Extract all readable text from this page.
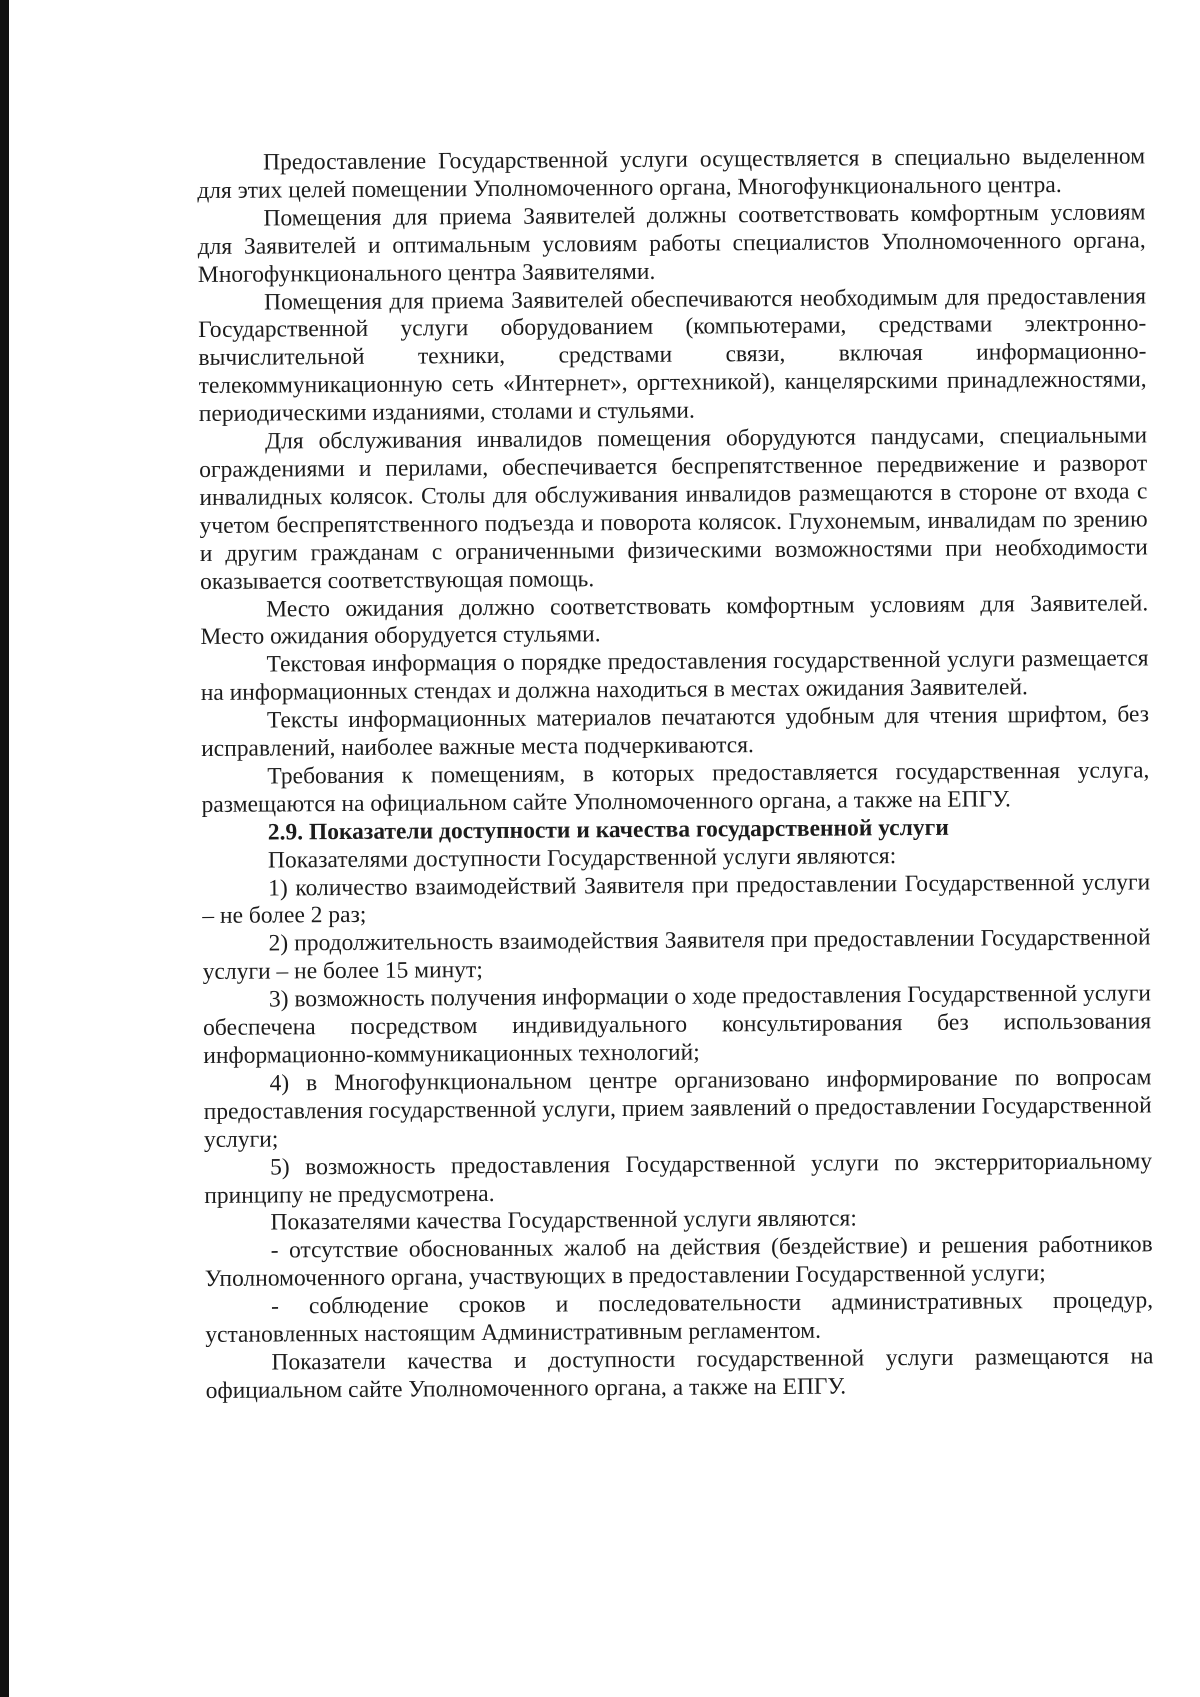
Предоставление Государственной услуги осуществляется в специально выделенном для этих целей помещении Уполномоченного органа, Многофункционального центра.

Помещения для приема Заявителей должны соответствовать комфортным условиям для Заявителей и оптимальным условиям работы специалистов Уполномоченного органа, Многофункционального центра Заявителями.

Помещения для приема Заявителей обеспечиваются необходимым для предоставления Государственной услуги оборудованием (компьютерами, средствами электронно-вычислительной техники, средствами связи, включая информационно-телекоммуникационную сеть «Интернет», оргтехникой), канцелярскими принадлежностями, периодическими изданиями, столами и стульями.

Для обслуживания инвалидов помещения оборудуются пандусами, специальными ограждениями и перилами, обеспечивается беспрепятственное передвижение и разворот инвалидных колясок. Столы для обслуживания инвалидов размещаются в стороне от входа с учетом беспрепятственного подъезда и поворота колясок. Глухонемым, инвалидам по зрению и другим гражданам с ограниченными физическими возможностями при необходимости оказывается соответствующая помощь.

Место ожидания должно соответствовать комфортным условиям для Заявителей. Место ожидания оборудуется стульями.

Текстовая информация о порядке предоставления государственной услуги размещается на информационных стендах и должна находиться в местах ожидания Заявителей.

Тексты информационных материалов печатаются удобным для чтения шрифтом, без исправлений, наиболее важные места подчеркиваются.

Требования к помещениям, в которых предоставляется государственная услуга, размещаются на официальном сайте Уполномоченного органа, а также на ЕПГУ.

2.9. Показатели доступности и качества государственной услуги

Показателями доступности Государственной услуги являются:

1) количество взаимодействий Заявителя при предоставлении Государственной услуги – не более 2 раз;

2) продолжительность взаимодействия Заявителя при предоставлении Государственной услуги – не более 15 минут;

3) возможность получения информации о ходе предоставления Государственной услуги обеспечена посредством индивидуального консультирования без использования информационно-коммуникационных технологий;

4) в Многофункциональном центре организовано информирование по вопросам предоставления государственной услуги, прием заявлений о предоставлении Государственной услуги;

5) возможность предоставления Государственной услуги по экстерриториальному принципу не предусмотрена.

Показателями качества Государственной услуги являются:

- отсутствие обоснованных жалоб на действия (бездействие) и решения работников Уполномоченного органа, участвующих в предоставлении Государственной услуги;

- соблюдение сроков и последовательности административных процедур, установленных настоящим Административным регламентом.

Показатели качества и доступности государственной услуги размещаются на официальном сайте Уполномоченного органа, а также на ЕПГУ.
